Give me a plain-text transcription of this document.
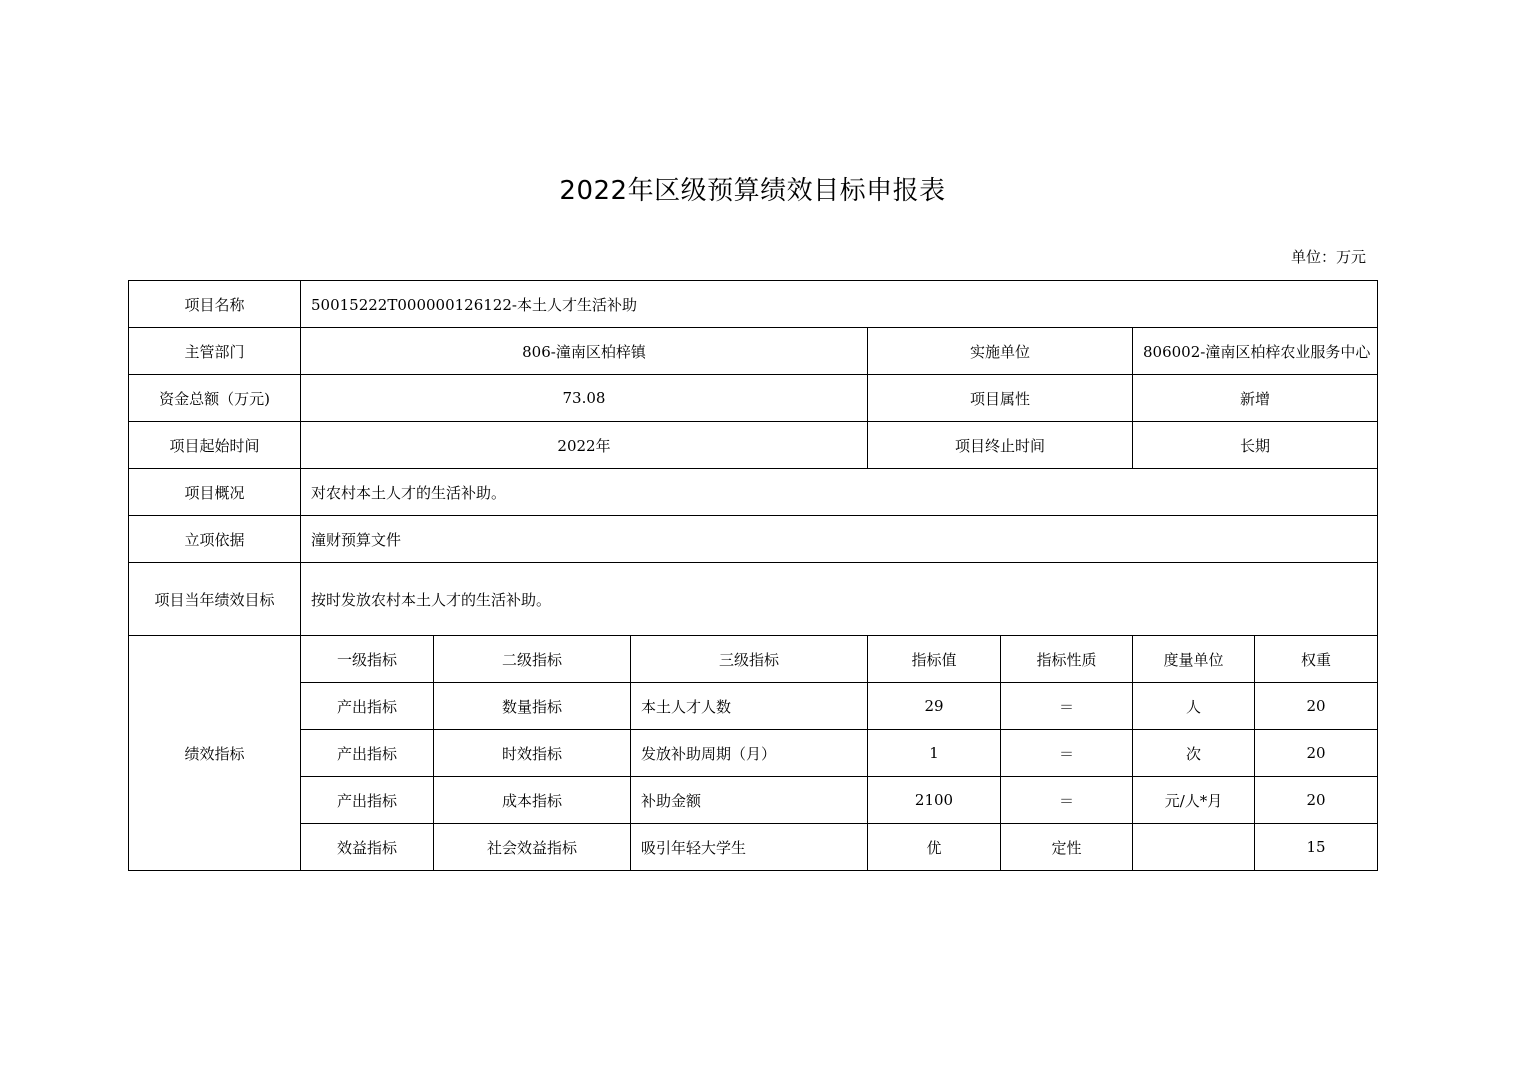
2022年区级预算绩效目标申报表
单位：万元
项目名称	50015222T000000126122-本土人才生活补助						
主管部门	806-潼南区柏梓镇			实施单位		806002-潼南区柏梓农业服务中心	
资金总额（万元)	73.08			项目属性		新增	
项目起始时间	2022年			项目终止时间		长期	
项目概况	对农村本土人才的生活补助。						
立项依据	潼财预算文件						
项目当年绩效目标	按时发放农村本土人才的生活补助。						
绩效指标	一级指标	二级指标	三级指标	指标值	指标性质	度量单位	权重
	产出指标	数量指标	本土人才人数	29	＝	人	20
	产出指标	时效指标	发放补助周期（月）	1	＝	次	20
	产出指标	成本指标	补助金额	2100	＝	元/人*月	20
	效益指标	社会效益指标	吸引年轻大学生	优	定性		15
